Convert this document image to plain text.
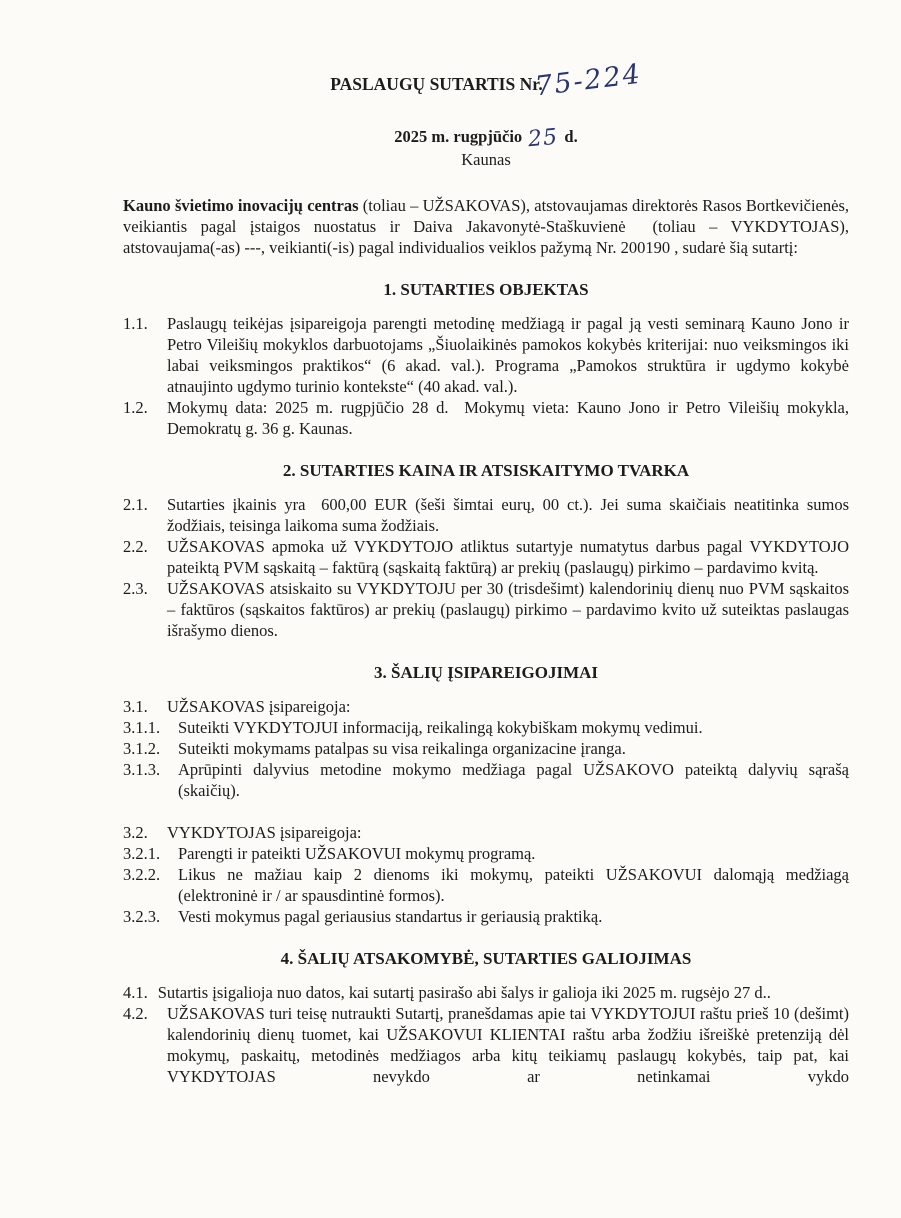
PASLAUGŲ SUTARTIS Nr.75-224
2025 m. rugpjūčio 25 d.
Kaunas

Kauno švietimo inovacijų centras (toliau – UŽSAKOVAS), atstovaujamas direktorės Rasos Bortkevičienės, veikiantis pagal įstaigos nuostatus ir Daiva Jakavonytė-Staškuvienė  (toliau – VYKDYTOJAS), atstovaujama(-as) ---, veikianti(-is) pagal individualios veiklos pažymą Nr. 200190 , sudarė šią sutartį:

1. SUTARTIES OBJEKTAS
1.1.	Paslaugų teikėjas įsipareigoja parengti metodinę medžiagą ir pagal ją vesti seminarą Kauno Jono ir Petro Vileišių mokyklos darbuotojams „Šiuolaikinės pamokos kokybės kriterijai: nuo veiksmingos iki labai veiksmingos praktikos“ (6 akad. val.). Programa „Pamokos struktūra ir ugdymo kokybė atnaujinto ugdymo turinio kontekste“ (40 akad. val.).
1.2.	Mokymų data: 2025 m. rugpjūčio 28 d.  Mokymų vieta: Kauno Jono ir Petro Vileišių mokykla, Demokratų g. 36 g. Kaunas.
2. SUTARTIES KAINA IR ATSISKAITYMO TVARKA
2.1.	Sutarties įkainis yra  600,00 EUR (šeši šimtai eurų, 00 ct.). Jei suma skaičiais neatitinka sumos žodžiais, teisinga laikoma suma žodžiais.
2.2.	UŽSAKOVAS apmoka už VYKDYTOJO atliktus sutartyje numatytus darbus pagal VYKDYTOJO pateiktą PVM sąskaitą – faktūrą (sąskaitą faktūrą) ar prekių (paslaugų) pirkimo – pardavimo kvitą.
2.3.	UŽSAKOVAS atsiskaito su VYKDYTOJU per 30 (trisdešimt) kalendorinių dienų nuo PVM sąskaitos – faktūros (sąskaitos faktūros) ar prekių (paslaugų) pirkimo – pardavimo kvito už suteiktas paslaugas išrašymo dienos.
3. ŠALIŲ ĮSIPAREIGOJIMAI
3.1.	UŽSAKOVAS įsipareigoja:
3.1.1.	Suteikti VYKDYTOJUI informaciją, reikalingą kokybiškam mokymų vedimui.
3.1.2.	Suteikti mokymams patalpas su visa reikalinga organizacine įranga.
3.1.3.	Aprūpinti dalyvius metodine mokymo medžiaga pagal UŽSAKOVO pateiktą dalyvių sąrašą (skaičių).
3.2.	VYKDYTOJAS įsipareigoja:
3.2.1.	Parengti ir pateikti UŽSAKOVUI mokymų programą.
3.2.2.	Likus ne mažiau kaip 2 dienoms iki mokymų, pateikti UŽSAKOVUI dalomąją medžiagą (elektroninė ir / ar spausdintinė formos).
3.2.3.	Vesti mokymus pagal geriausius standartus ir geriausią praktiką.
4. ŠALIŲ ATSAKOMYBĖ, SUTARTIES GALIOJIMAS
4.1. Sutartis įsigalioja nuo datos, kai sutartį pasirašo abi šalys ir galioja iki 2025 m. rugsėjo 27 d..
4.2.	UŽSAKOVAS turi teisę nutraukti Sutartį, pranešdamas apie tai VYKDYTOJUI raštu prieš 10 (dešimt) kalendorinių dienų tuomet, kai UŽSAKOVUI KLIENTAI raštu arba žodžiu išreiškė pretenziją dėl mokymų, paskaitų, metodinės medžiagos arba kitų teikiamų paslaugų kokybės, taip pat, kai VYKDYTOJAS nevykdo ar netinkamai vykdo
